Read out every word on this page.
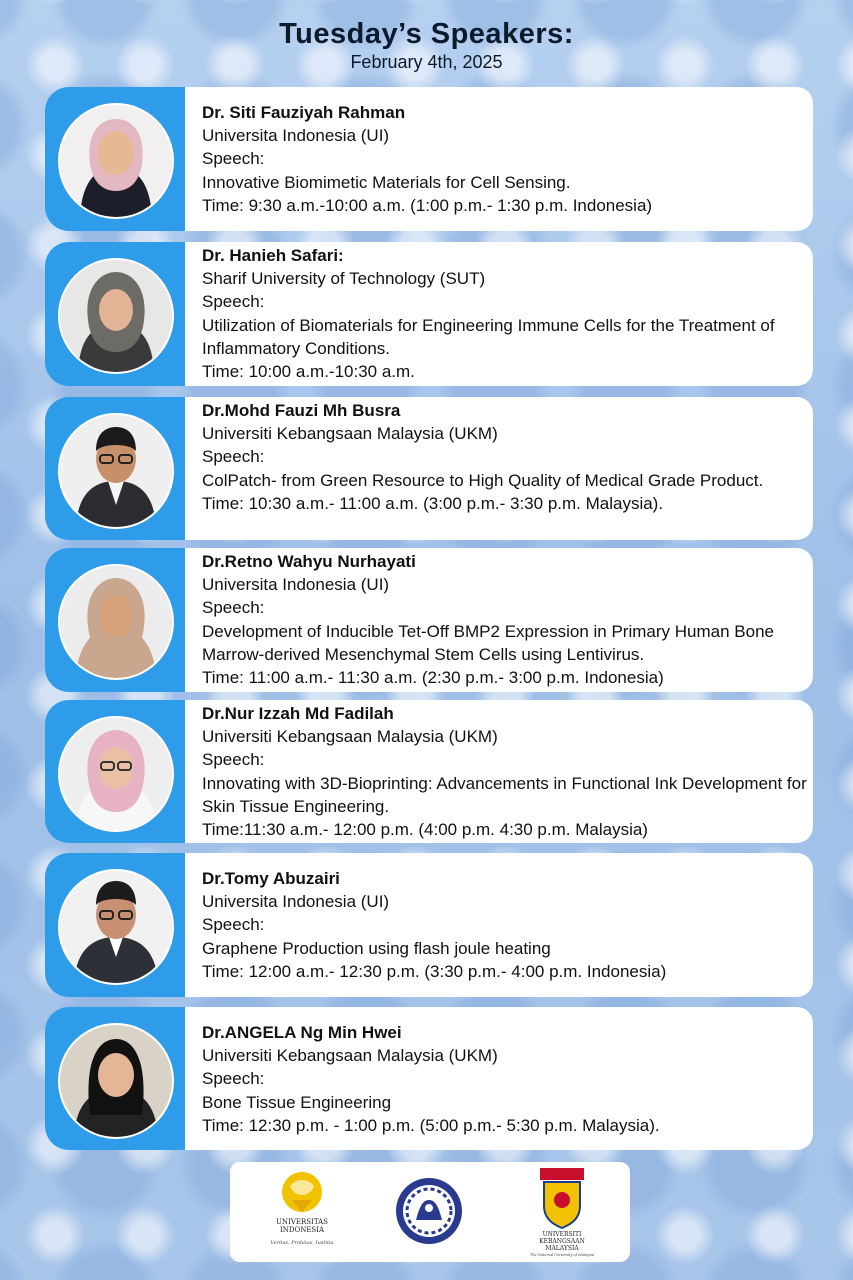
Tuesday’s Speakers:
February 4th, 2025
Dr. Siti Fauziyah Rahman
Universita Indonesia (UI)
Speech:
Innovative Biomimetic Materials for Cell Sensing.
Time: 9:30 a.m.-10:00 a.m. (1:00 p.m.- 1:30 p.m. Indonesia)
Dr. Hanieh Safari:
Sharif University of Technology (SUT)
Speech:
Utilization of Biomaterials for Engineering Immune Cells for the Treatment of Inflammatory Conditions.
Time: 10:00 a.m.-10:30 a.m.
Dr.Mohd Fauzi Mh Busra
Universiti Kebangsaan Malaysia (UKM)
Speech:
ColPatch- from Green Resource to High Quality of Medical Grade Product.
Time: 10:30 a.m.- 11:00 a.m. (3:00 p.m.- 3:30 p.m. Malaysia).
Dr.Retno Wahyu Nurhayati
Universita Indonesia (UI)
Speech:
Development of Inducible Tet-Off BMP2 Expression in Primary Human Bone Marrow-derived Mesenchymal Stem Cells using Lentivirus.
Time: 11:00 a.m.- 11:30 a.m. (2:30 p.m.- 3:00 p.m. Indonesia)
Dr.Nur Izzah Md Fadilah
Universiti Kebangsaan Malaysia (UKM)
Speech:
Innovating with 3D-Bioprinting: Advancements in Functional Ink Development for Skin Tissue Engineering.
Time:11:30 a.m.- 12:00 p.m. (4:00 p.m. 4:30 p.m. Malaysia)
Dr.Tomy Abuzairi
Universita Indonesia (UI)
Speech:
Graphene Production using flash joule heating
Time: 12:00 a.m.- 12:30 p.m. (3:30 p.m.- 4:00 p.m. Indonesia)
Dr.ANGELA Ng Min Hwei
Universiti Kebangsaan Malaysia (UKM)
Speech:
Bone Tissue Engineering
Time: 12:30 p.m. - 1:00 p.m. (5:00 p.m.- 5:30 p.m. Malaysia).
UNIVERSITAS
INDONESIA
Veritas, Probitas, Iustitia
UNIVERSITI
KEBANGSAAN
MALAYSIA
The National University of Malaysia
